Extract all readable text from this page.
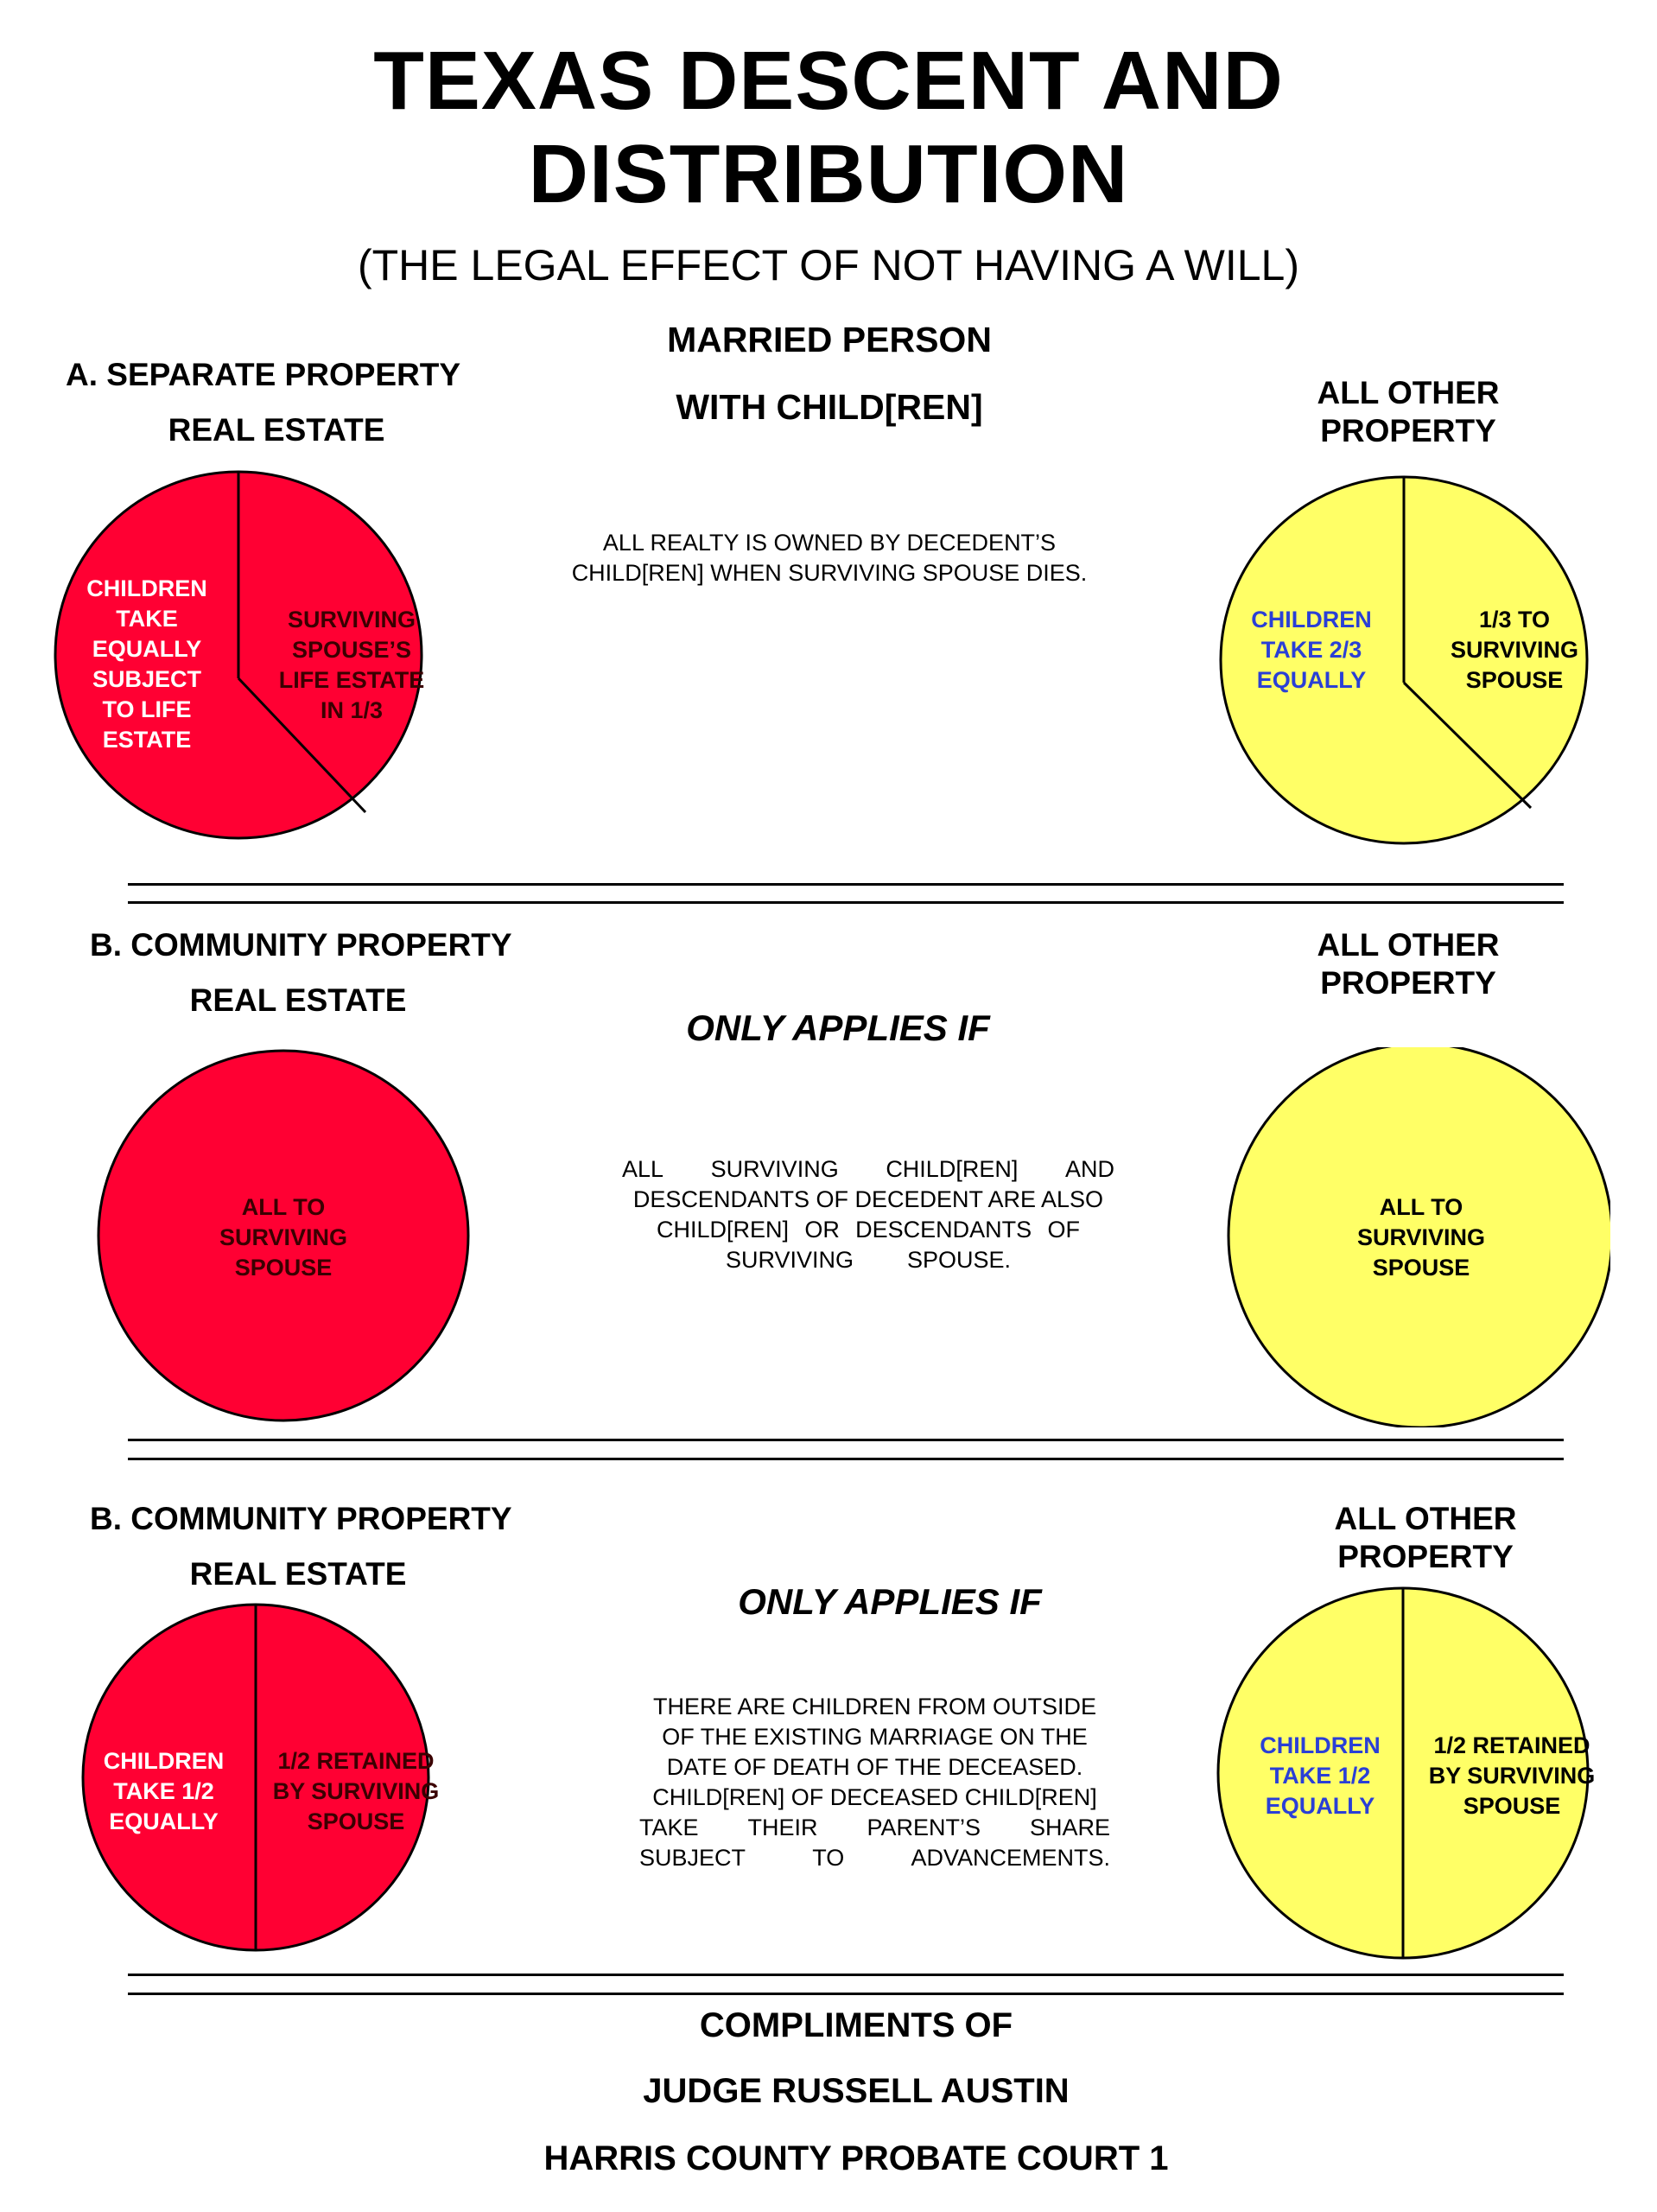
TEXAS DESCENT AND
DISTRIBUTION
(THE LEGAL EFFECT OF NOT HAVING A WILL)
MARRIED PERSON
WITH CHILD[REN]
A. SEPARATE PROPERTY
REAL ESTATE
ALL OTHER
PROPERTY
ALL REALTY IS OWNED BY DECEDENT’S
CHILD[REN] WHEN SURVIVING SPOUSE DIES.
CHILDREN
TAKE
EQUALLY
SUBJECT
TO LIFE
ESTATE
SURVIVING
SPOUSE’S
LIFE ESTATE
IN 1/3
CHILDREN
TAKE 2/3
EQUALLY
1/3 TO
SURVIVING
SPOUSE
B. COMMUNITY PROPERTY
REAL ESTATE
ALL OTHER
PROPERTY
ONLY APPLIES IF
ALL SURVIVING CHILD[REN] AND
DESCENDANTS OF DECEDENT ARE ALSO
CHILD[REN] OR DESCENDANTS OF
SURVIVING SPOUSE.
ALL TO
SURVIVING
SPOUSE
ALL TO
SURVIVING
SPOUSE
B. COMMUNITY PROPERTY
REAL ESTATE
ALL OTHER
PROPERTY
ONLY APPLIES IF
THERE ARE CHILDREN FROM OUTSIDE
OF THE EXISTING MARRIAGE ON THE
DATE OF DEATH OF THE DECEASED.
CHILD[REN] OF DECEASED CHILD[REN]
TAKE THEIR PARENT’S SHARE
SUBJECT	TO	ADVANCEMENTS.
CHILDREN
TAKE 1/2
EQUALLY
1/2 RETAINED
BY SURVIVING
SPOUSE
CHILDREN
TAKE 1/2
EQUALLY
1/2 RETAINED
BY SURVIVING
SPOUSE
COMPLIMENTS OF
JUDGE RUSSELL AUSTIN
HARRIS COUNTY PROBATE COURT 1
